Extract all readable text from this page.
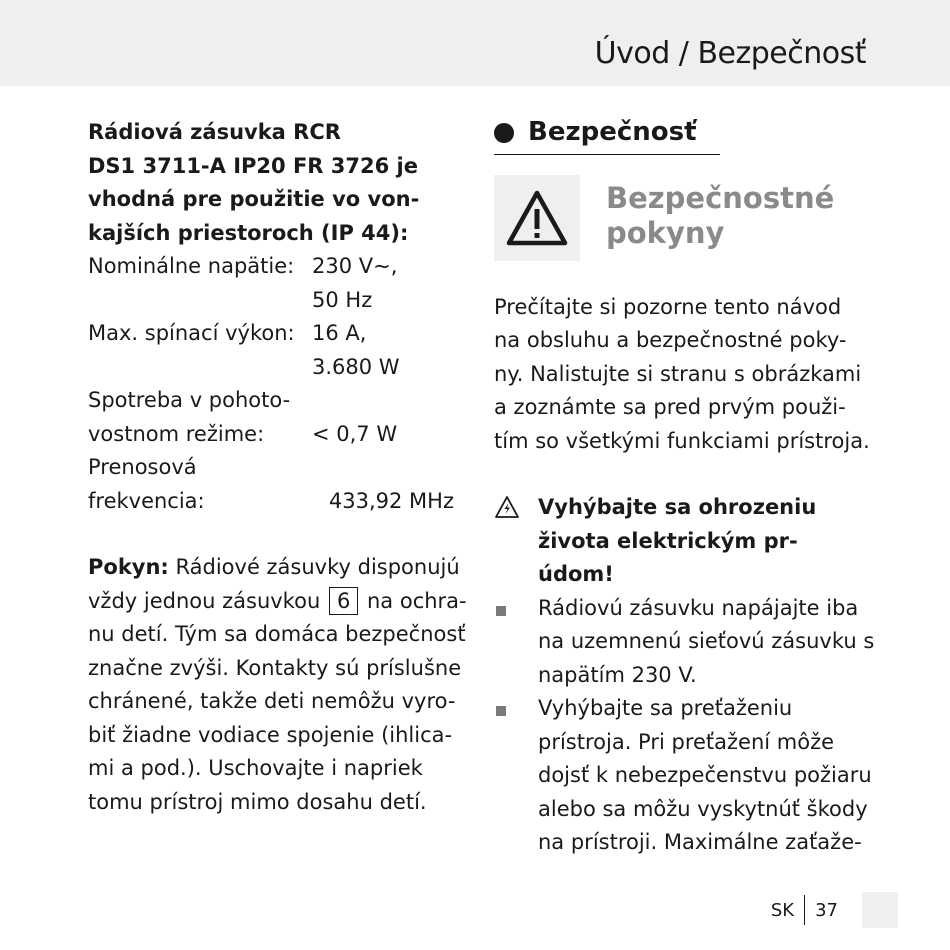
Úvod / Bezpečnosť
Rádiová zásuvka RCR
DS1 3711-A IP20 FR 3726 je
vhodná pre použitie vo von-
kajších priestoroch (IP 44):
Nominálne napätie: 230 V∼,
50 Hz
Max. spínací výkon: 16 A,
3.680 W
Spotreba v pohoto-
vostnom režime: < 0,7 W
Prenosová
frekvencia:	433,92 MHz
Pokyn: Rádiové zásuvky disponujú
vždy jednou zásuvkou 6 na ochra-
nu detí. Tým sa domáca bezpečnosť
značne zvýši. Kontakty sú príslušne
chránené, takže deti nemôžu vyro-
biť žiadne vodiace spojenie (ihlica-
mi a pod.). Uschovajte i napriek
tomu prístroj mimo dosahu detí.
Bezpečnosť
Bezpečnostné
pokyny
Prečítajte si pozorne tento návod
na obsluhu a bezpečnostné poky-
ny. Nalistujte si stranu s obrázkami
a zoznámte sa pred prvým použi-
tím so všetkými funkciami prístroja.
Vyhýbajte sa ohrozeniu
života elektrickým pr-
údom!
Rádiovú zásuvku napájajte iba
na uzemnenú sieťovú zásuvku s
napätím 230 V.
Vyhýbajte sa preťaženiu
prístroja. Pri preťažení môže
dojsť k nebezpečenstvu požiaru
alebo sa môžu vyskytnúť škody
na prístroji. Maximálne zaťaže-
SK 37
